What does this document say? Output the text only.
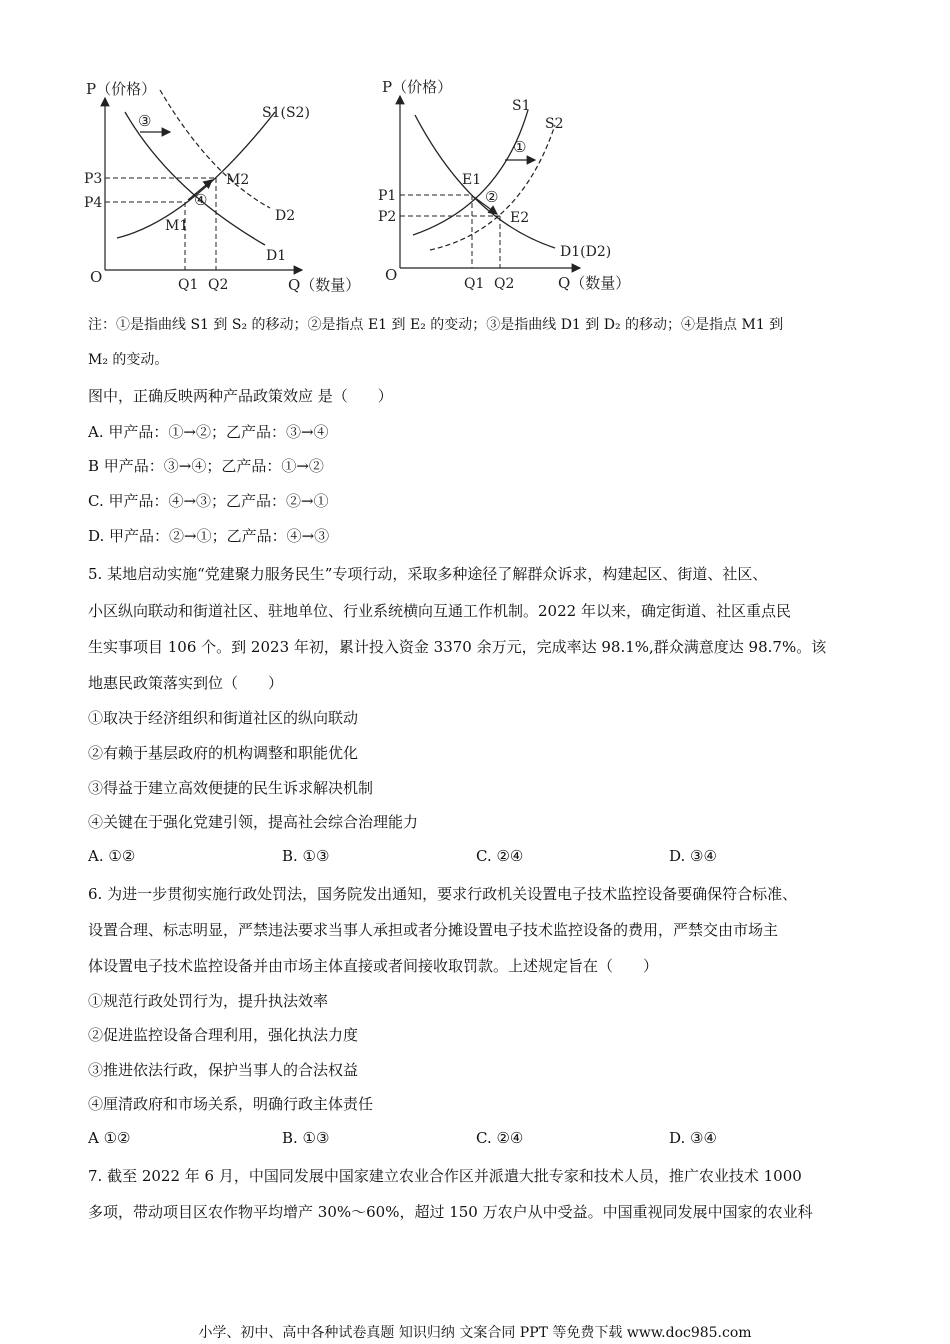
P（价格）
Q（数量）
O
S1(S2)
D1
D2
P3
P4
Q1 Q2
M1
M2
③
④
P（价格）
Q（数量）
O
S1
S2
D1(D2)
P1
P2
Q1 Q2
E1
E2
①
②
注：①是指曲线 S1 到 S₂ 的移动；②是指点 E1 到 E₂ 的变动；③是指曲线 D1 到 D₂ 的移动；④是指点 M1 到
M₂ 的变动。
图中，正确反映两种产品政策效应 是（　　）
A. 甲产品：①→②；乙产品：③→④
B 甲产品：③→④；乙产品：①→②
C. 甲产品：④→③；乙产品：②→①
D. 甲产品：②→①；乙产品：④→③
5. 某地启动实施“党建聚力服务民生”专项行动，采取多种途径了解群众诉求，构建起区、街道、社区、
小区纵向联动和街道社区、驻地单位、行业系统横向互通工作机制。2022 年以来，确定街道、社区重点民
生实事项目 106 个。到 2023 年初，累计投入资金 3370 余万元，完成率达 98.1%,群众满意度达 98.7%。该
地惠民政策落实到位（　　）
①取决于经济组织和街道社区的纵向联动
②有赖于基层政府的机构调整和职能优化
③得益于建立高效便捷的民生诉求解决机制
④关键在于强化党建引领，提高社会综合治理能力
A. ①②	B. ①③	C. ②④	D. ③④
6. 为进一步贯彻实施行政处罚法，国务院发出通知，要求行政机关设置电子技术监控设备要确保符合标准、
设置合理、标志明显，严禁违法要求当事人承担或者分摊设置电子技术监控设备的费用，严禁交由市场主
体设置电子技术监控设备并由市场主体直接或者间接收取罚款。上述规定旨在（　　）
①规范行政处罚行为，提升执法效率
②促进监控设备合理利用，强化执法力度
③推进依法行政，保护当事人的合法权益
④厘清政府和市场关系，明确行政主体责任
A ①②	B. ①③	C. ②④	D. ③④
7. 截至 2022 年 6 月，中国同发展中国家建立农业合作区并派遣大批专家和技术人员，推广农业技术 1000
多项，带动项目区农作物平均增产 30%～60%，超过 150 万农户从中受益。中国重视同发展中国家的农业科
小学、初中、高中各种试卷真题 知识归纳 文案合同 PPT 等免费下载 www.doc985.com
